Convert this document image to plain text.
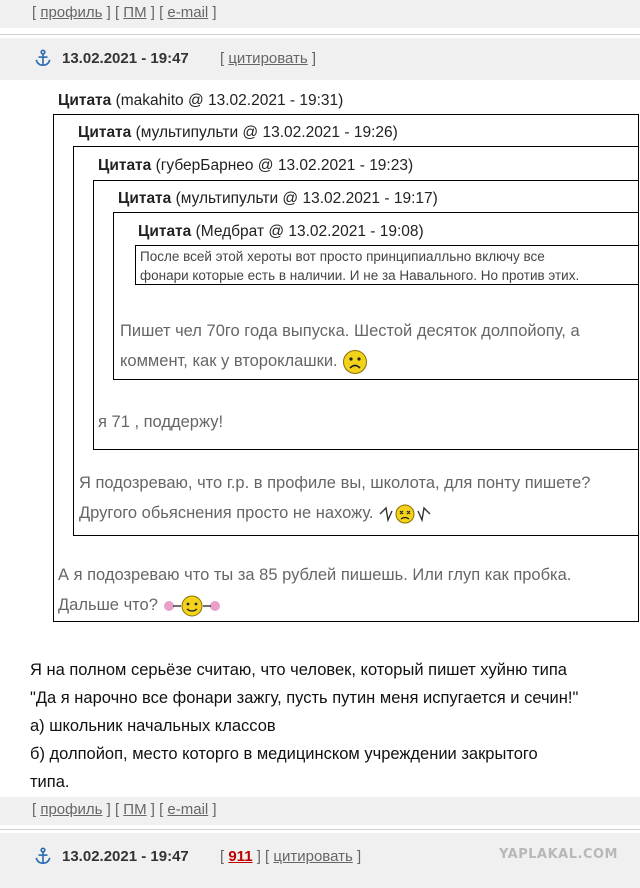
[ профиль ] [ ПМ ] [ e-mail ]
13.02.2021 - 19:47	[ цитировать ]
Цитата (makahito @ 13.02.2021 - 19:31)
Цитата (мультипульти @ 13.02.2021 - 19:26)
Цитата (губерБарнео @ 13.02.2021 - 19:23)
Цитата (мультипульти @ 13.02.2021 - 19:17)
Цитата (Медбрат @ 13.02.2021 - 19:08)
После всей этой хероты вот просто принципиалльно включу все
фонари которые есть в наличии. И не за Навального. Но против этих.
Пишет чел 70го года выпуска. Шестой десяток долпойопу, а
коммент, как у второклашки.
я 71 , поддержу!
Я подозреваю, что г.р. в профиле вы, школота, для понту пишете?
Другого обьяснения просто не нахожу.
А я подозреваю что ты за 85 рублей пишешь. Или глуп как пробка.
Дальше что?
Я на полном серьёзе считаю, что человек, который пишет хуйню типа
"Да я нарочно все фонари зажгу, пусть путин меня испугается и сечин!"
а) школьник начальных классов
б) долпойоп, место которго в медицинском учреждении закрытого
типа.
[ профиль ] [ ПМ ] [ e-mail ]
13.02.2021 - 19:47	[ 911 ] [ цитировать ]	YAPLAKAL.COM
